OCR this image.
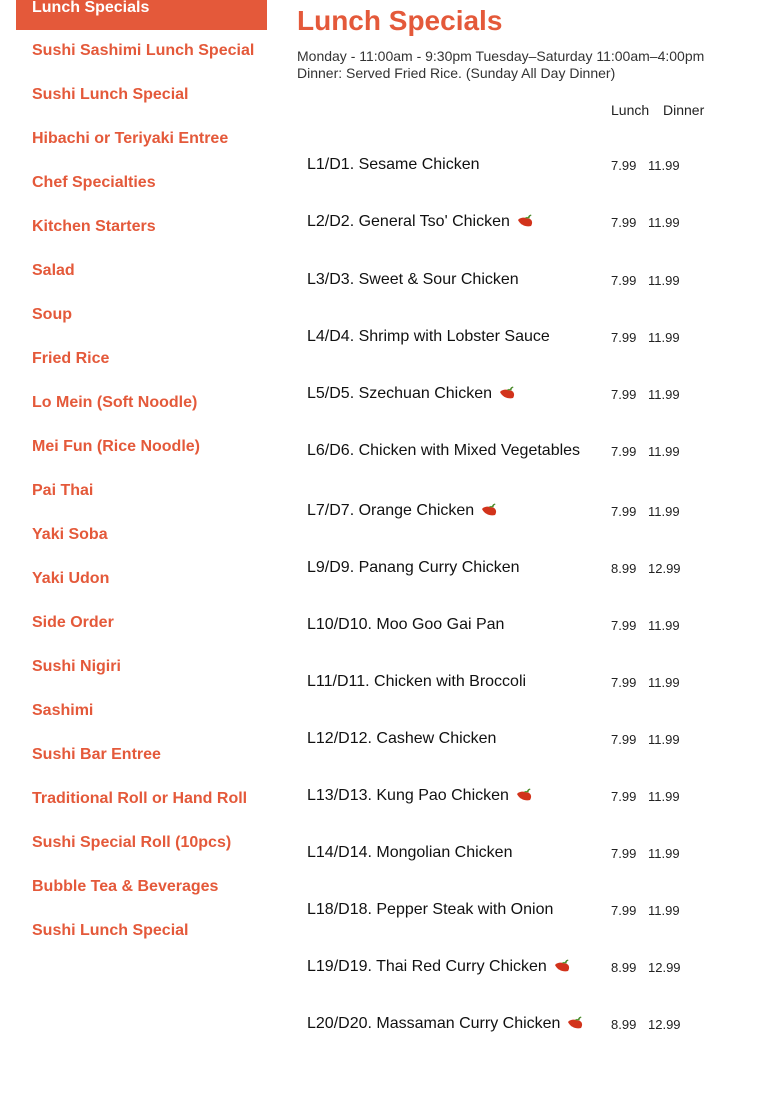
Lunch Specials
Sushi Sashimi Lunch Special
Sushi Lunch Special
Hibachi or Teriyaki Entree
Chef Specialties
Kitchen Starters
Salad
Soup
Fried Rice
Lo Mein (Soft Noodle)
Mei Fun (Rice Noodle)
Pai Thai
Yaki Soba
Yaki Udon
Side Order
Sushi Nigiri
Sashimi
Sushi Bar Entree
Traditional Roll or Hand Roll
Sushi Special Roll (10pcs)
Bubble Tea & Beverages
Sushi Lunch Special
Lunch Specials
Monday - 11:00am - 9:30pm Tuesday–Saturday 11:00am–4:00pm
Dinner: Served Fried Rice. (Sunday All Day Dinner)
Lunch Dinner
L1/D1. Sesame Chicken	7.99 11.99
L2/D2. General Tso' Chicken	7.99 11.99
L3/D3. Sweet & Sour Chicken	7.99 11.99
L4/D4. Shrimp with Lobster Sauce	7.99 11.99
L5/D5. Szechuan Chicken	7.99 11.99
L6/D6. Chicken with Mixed Vegetables	7.99 11.99
L7/D7. Orange Chicken	7.99 11.99
L9/D9. Panang Curry Chicken	8.99 12.99
L10/D10. Moo Goo Gai Pan	7.99 11.99
L11/D11. Chicken with Broccoli	7.99 11.99
L12/D12. Cashew Chicken	7.99 11.99
L13/D13. Kung Pao Chicken	7.99 11.99
L14/D14. Mongolian Chicken	7.99 11.99
L18/D18. Pepper Steak with Onion	7.99 11.99
L19/D19. Thai Red Curry Chicken	8.99 12.99
L20/D20. Massaman Curry Chicken	8.99 12.99
